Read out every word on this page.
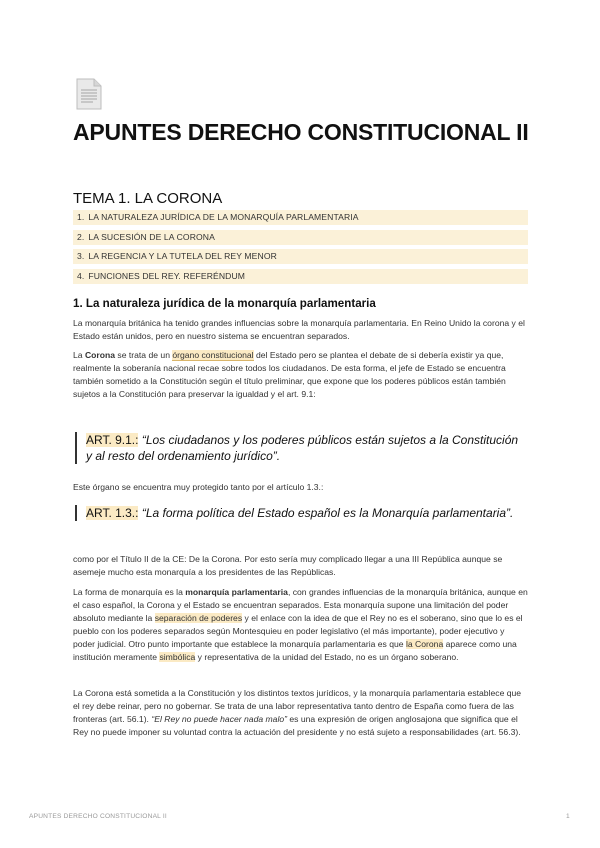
APUNTES DERECHO CONSTITUCIONAL II
TEMA 1. LA CORONA
1. LA NATURALEZA JURÍDICA DE LA MONARQUÍA PARLAMENTARIA
2. LA SUCESIÓN DE LA CORONA
3. LA REGENCIA Y LA TUTELA DEL REY MENOR
4. FUNCIONES DEL REY. REFERÉNDUM
1. La naturaleza jurídica de la monarquía parlamentaria

La monarquía británica ha tenido grandes influencias sobre la monarquía parlamentaria. En Reino Unido la corona y el Estado están unidos, pero en nuestro sistema se encuentran separados.

La Corona se trata de un órgano constitucional del Estado pero se plantea el debate de si debería existir ya que, realmente la soberanía nacional recae sobre todos los ciudadanos. De esta forma, el jefe de Estado se encuentra también sometido a la Constitución según el título preliminar, que expone que los poderes públicos están también sujetos a la Constitución para preservar la igualdad y el art. 9.1:

ART. 9.1.: “Los ciudadanos y los poderes públicos están sujetos a la Constitución y al resto del ordenamiento jurídico”.

Este órgano se encuentra muy protegido tanto por el artículo 1.3.:

ART. 1.3.: “La forma política del Estado español es la Monarquía parlamentaria”.

como por el Título II de la CE: De la Corona. Por esto sería muy complicado llegar a una III República aunque se asemeje mucho esta monarquía a los presidentes de las Repúblicas.

La forma de monarquía es la monarquía parlamentaria, con grandes influencias de la monarquía británica, aunque en el caso español, la Corona y el Estado se encuentran separados. Esta monarquía supone una limitación del poder absoluto mediante la separación de poderes y el enlace con la idea de que el Rey no es el soberano, sino que lo es el pueblo con los poderes separados según Montesquieu en poder legislativo (el más importante), poder ejecutivo y poder judicial. Otro punto importante que establece la monarquía parlamentaria es que la Corona aparece como una institución meramente simbólica y representativa de la unidad del Estado, no es un órgano soberano.

La Corona está sometida a la Constitución y los distintos textos jurídicos, y la monarquía parlamentaria establece que el rey debe reinar, pero no gobernar. Se trata de una labor representativa tanto dentro de España como fuera de las fronteras (art. 56.1). “El Rey no puede hacer nada malo” es una expresión de origen anglosajona que significa que el Rey no puede imponer su voluntad contra la actuación del presidente y no está sujeto a responsabilidades (art. 56.3).

APUNTES DERECHO CONSTITUCIONAL II	1
